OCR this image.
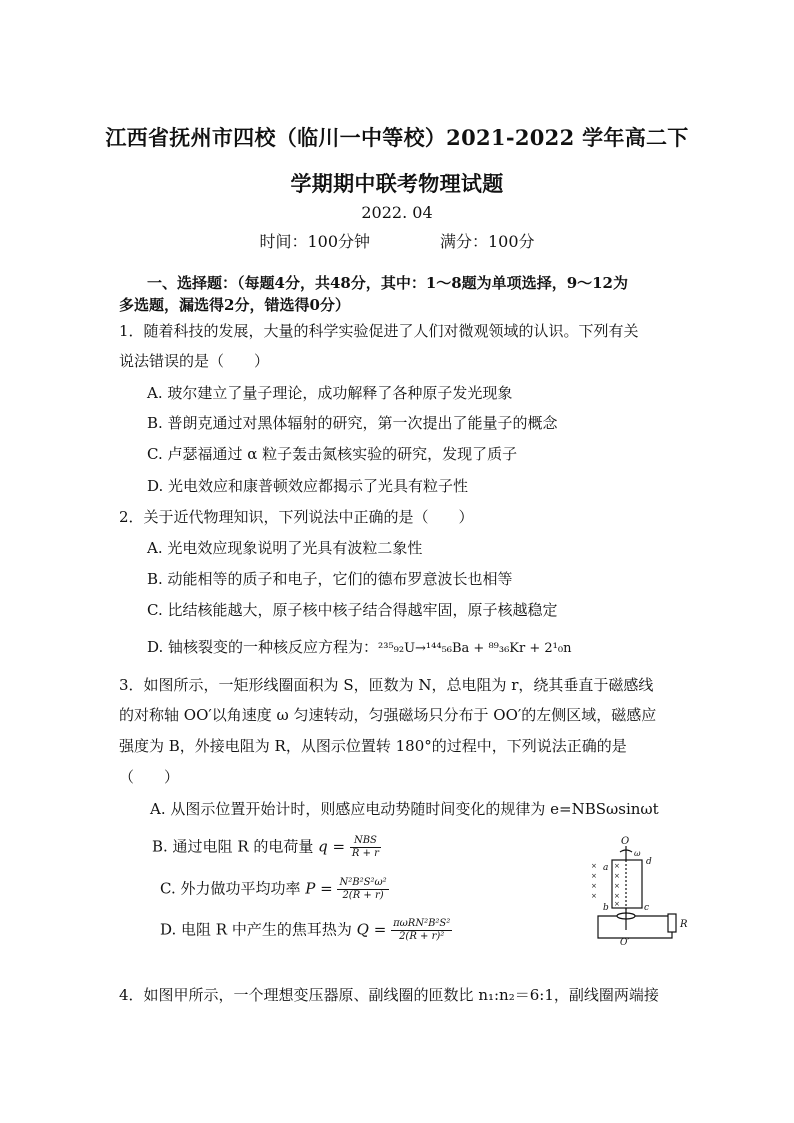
江西省抚州市四校（临川一中等校）2021-2022 学年高二下
学期期中联考物理试题
2022. 04
时间：100分钟	满分：100分
一、选择题：（每题4分，共48分，其中：1～8题为单项选择，9～12为
多选题，漏选得2分，错选得0分）
1．随着科技的发展，大量的科学实验促进了人们对微观领域的认识。下列有关
说法错误的是（　　）
A. 玻尔建立了量子理论，成功解释了各种原子发光现象
B. 普朗克通过对黑体辐射的研究，第一次提出了能量子的概念
C. 卢瑟福通过 α 粒子轰击氮核实验的研究，发现了质子
D. 光电效应和康普顿效应都揭示了光具有粒子性
2．关于近代物理知识，下列说法中正确的是（　　）
A. 光电效应现象说明了光具有波粒二象性
B. 动能相等的质子和电子，它们的德布罗意波长也相等
C. 比结核能越大，原子核中核子结合得越牢固，原子核越稳定
D. 铀核裂变的一种核反应方程为：²³⁵₉₂U→¹⁴⁴₅₆Ba + ⁸⁹₃₆Kr + 2¹₀n
3．如图所示，一矩形线圈面积为 S，匝数为 N，总电阻为 r，绕其垂直于磁感线
的对称轴 OO′以角速度 ω 匀速转动，匀强磁场只分布于 OO′的左侧区域，磁感应
强度为 B，外接电阻为 R，从图示位置转 180°的过程中，下列说法正确的是
（　　）
A. 从图示位置开始计时，则感应电动势随时间变化的规律为 e=NBSωsinωt
B. 通过电阻 R 的电荷量 q = NBS
R + r
C. 外力做功平均功率 $P = \frac{\text{N²B²S²ω²}}{2(R + r)}$
D. 电阻 R 中产生的焦耳热为 Q = πωRN²B²S²
2(R + r)²
×
×
×
×
×
×
×
×
×
O
ω
a
d
b	c
O′
R
4．如图甲所示，一个理想变压器原、副线圈的匝数比 n₁:n₂＝6:1，副线圈两端接
